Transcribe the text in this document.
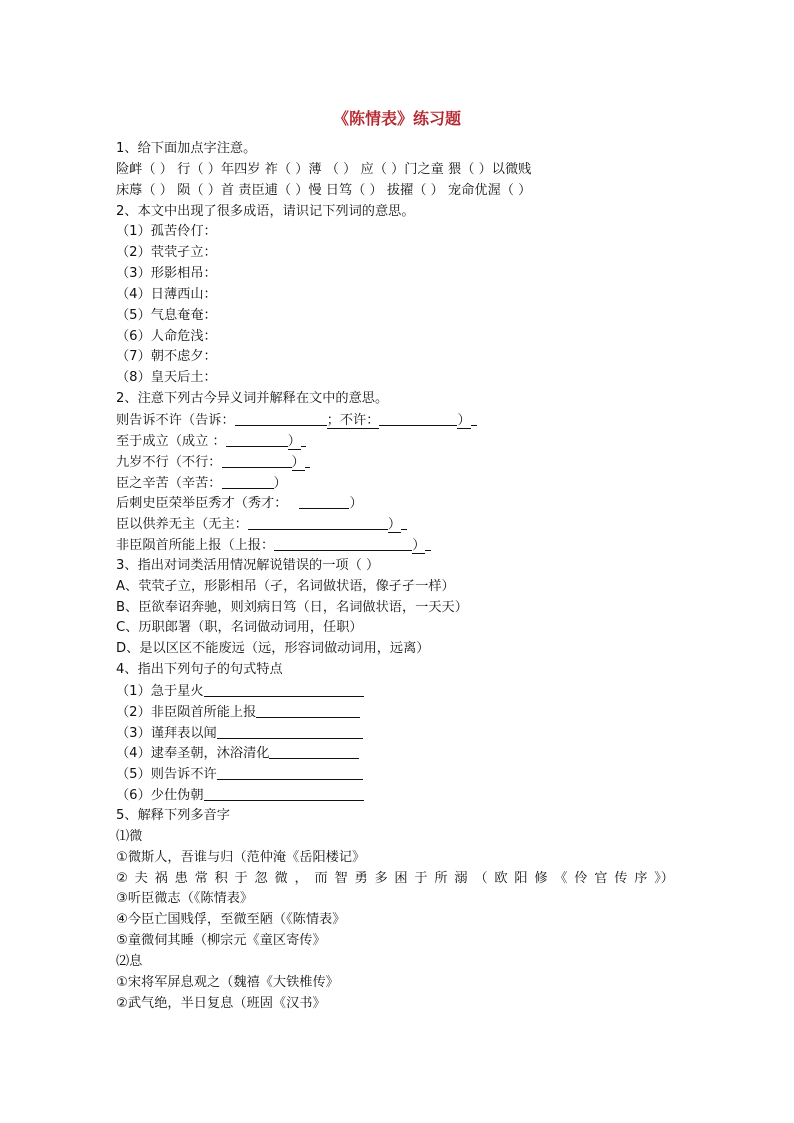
《陈情表》练习题
1、给下面加点字注意。
险衅（ ） 行（ ）年四岁 祚（ ）薄 （ ） 应（ ）门之童 猥（ ）以微贱
床蓐（ ） 陨（ ）首 责臣逋（ ）慢 日笃（ ） 拔擢（ ） 宠命优渥（ ）
2、本文中出现了很多成语，请识记下列词的意思。
（1）孤苦伶仃：
（2）茕茕孑立：
（3）形影相吊：
（4）日薄西山：
（5）气息奄奄：
（6）人命危浅：
（7）朝不虑夕：
（8）皇天后土：
2、注意下列古今异义词并解释在文中的意思。
则告诉不许（告诉：	；不许：	）
至于成立（成立 ：	）
九岁不行（不行：	）
臣之辛苦（辛苦：	）
后刺史臣荣举臣秀才（秀才：	）
臣以供养无主（无主：	）
非臣陨首所能上报（上报：	）
3、指出对词类活用情况解说错误的一项（ ）
A、茕茕孑立，形影相吊（孑，名词做状语，像孑孑一样）
B、臣欲奉诏奔驰，则刘病日笃（日，名词做状语，一天天）
C、历职郎署（职，名词做动词用，任职）
D、是以区区不能废远（远，形容词做动词用，远离）
4、指出下列句子的句式特点
（1）急于星火
（2）非臣陨首所能上报
（3）谨拜表以闻
（4）逮奉圣朝，沐浴清化
（5）则告诉不许
（6）少仕伪朝
5、解释下列多音字
⑴微
①微斯人，吾谁与归（范仲淹《岳阳楼记》
② 夫 祸 患 常 积 于 忽 微 ， 而 智 勇 多 困 于 所 溺 （ 欧 阳 修 《 伶 官 传 序 》）
③听臣微志（《陈情表》
④今臣亡国贱俘，至微至陋（《陈情表》
⑤童微伺其睡（柳宗元《童区寄传》
⑵息
①宋将军屏息观之（魏禧《大铁椎传》
②武气绝，半日复息（班固《汉书》
